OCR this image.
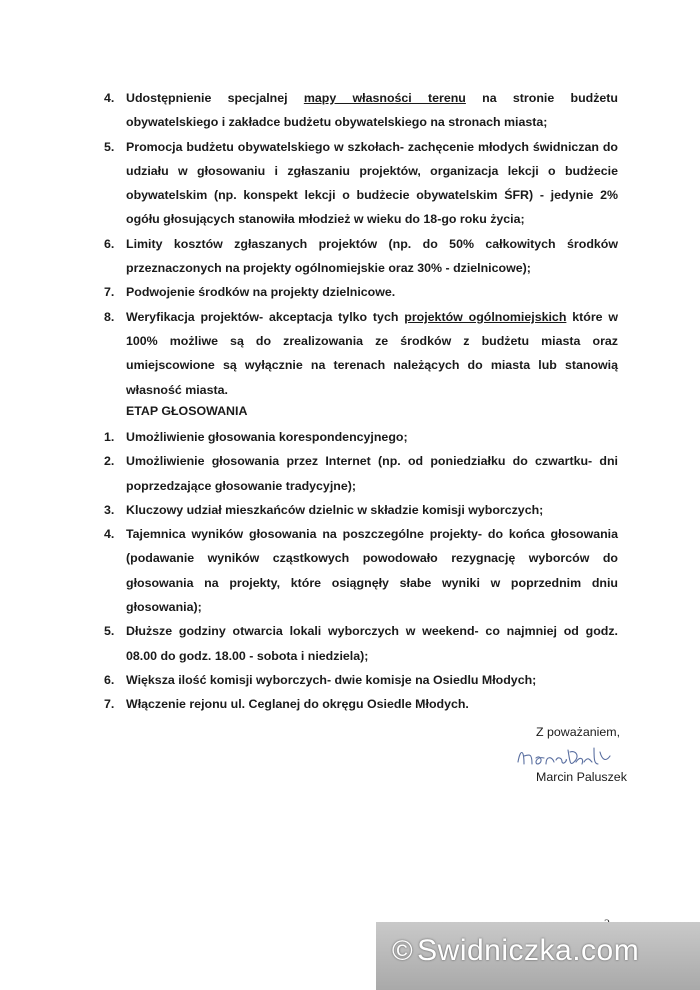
4. Udostępnienie specjalnej mapy własności terenu na stronie budżetu obywatelskiego i zakładce budżetu obywatelskiego na stronach miasta;
5. Promocja budżetu obywatelskiego w szkołach- zachęcenie młodych świdniczan do udziału w głosowaniu i zgłaszaniu projektów, organizacja lekcji o budżecie obywatelskim (np. konspekt lekcji o budżecie obywatelskim ŚFR) - jedynie 2% ogółu głosujących stanowiła młodzież w wieku do 18-go roku życia;
6. Limity kosztów zgłaszanych projektów (np. do 50% całkowitych środków przeznaczonych na projekty ogólnomiejskie oraz 30% - dzielnicowe);
7. Podwojenie środków na projekty dzielnicowe.
8. Weryfikacja projektów- akceptacja tylko tych projektów ogólnomiejskich które w 100% możliwe są do zrealizowania ze środków z budżetu miasta oraz umiejscowione są wyłącznie na terenach należących do miasta lub stanowią własność miasta.

ETAP GŁOSOWANIA

1. Umożliwienie głosowania korespondencyjnego;
2. Umożliwienie głosowania przez Internet (np. od poniedziałku do czwartku- dni poprzedzające głosowanie tradycyjne);
3. Kluczowy udział mieszkańców dzielnic w składzie komisji wyborczych;
4. Tajemnica wyników głosowania na poszczególne projekty- do końca głosowania (podawanie wyników cząstkowych powodowało rezygnację wyborców do głosowania na projekty, które osiągnęły słabe wyniki w poprzednim dniu głosowania);
5. Dłuższe godziny otwarcia lokali wyborczych w weekend- co najmniej od godz. 08.00 do godz. 18.00 - sobota i niedziela);
6. Większa ilość komisji wyborczych- dwie komisje na Osiedlu Młodych;
7. Włączenie rejonu ul. Ceglanej do okręgu Osiedle Młodych.
Z poważaniem,
Marcin Paluszek
© Swidniczka.com
